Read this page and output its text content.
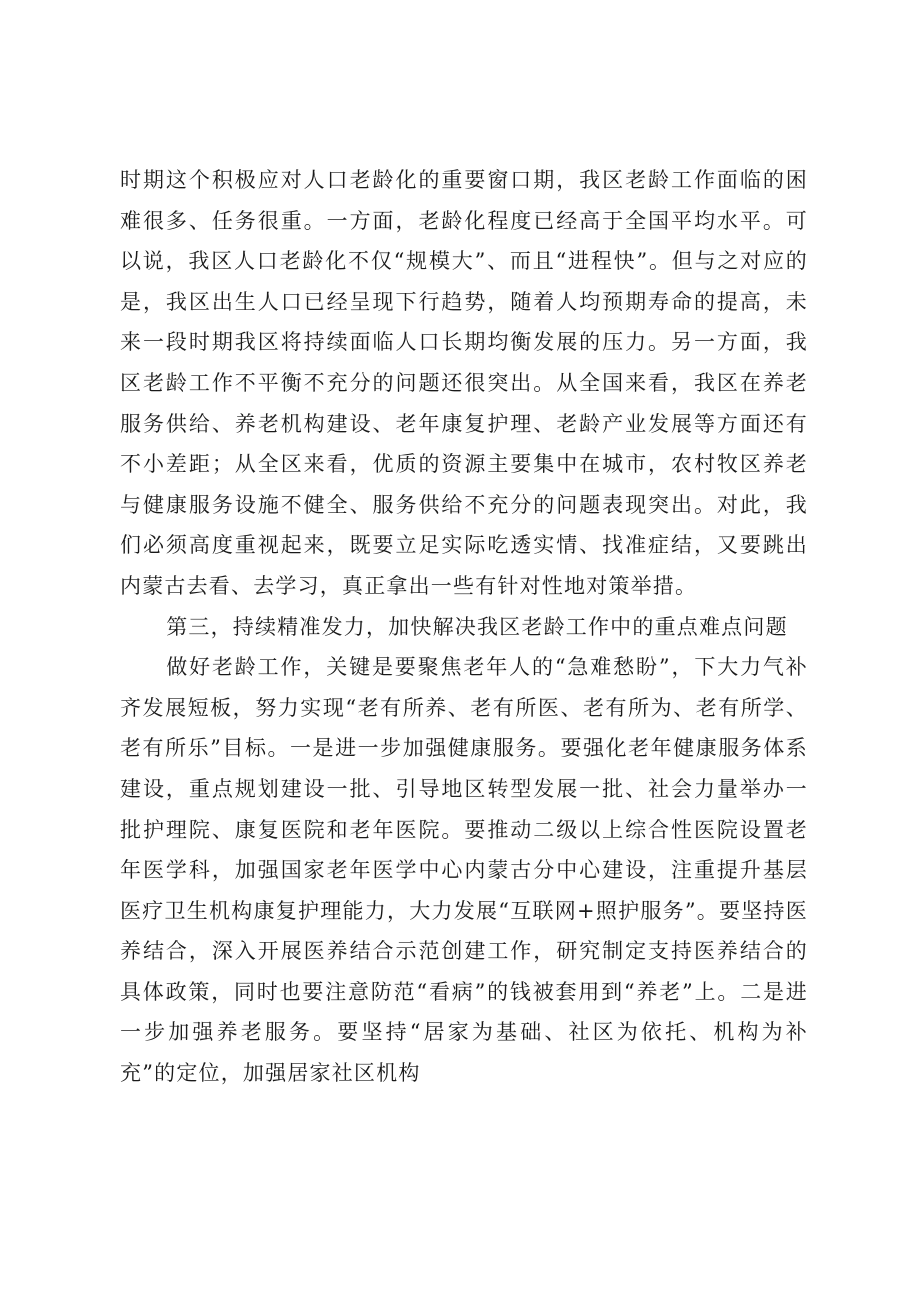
时期这个积极应对人口老龄化的重要窗口期，我区老龄工作面临的困难很多、任务很重。一方面，老龄化程度已经高于全国平均水平。可以说，我区人口老龄化不仅“规模大”、而且“进程快”。但与之对应的是，我区出生人口已经呈现下行趋势，随着人均预期寿命的提高，未来一段时期我区将持续面临人口长期均衡发展的压力。另一方面，我区老龄工作不平衡不充分的问题还很突出。从全国来看，我区在养老服务供给、养老机构建设、老年康复护理、老龄产业发展等方面还有不小差距；从全区来看，优质的资源主要集中在城市，农村牧区养老与健康服务设施不健全、服务供给不充分的问题表现突出。对此，我们必须高度重视起来，既要立足实际吃透实情、找准症结，又要跳出内蒙古去看、去学习，真正拿出一些有针对性地对策举措。

第三，持续精准发力，加快解决我区老龄工作中的重点难点问题

做好老龄工作，关键是要聚焦老年人的“急难愁盼”，下大力气补齐发展短板，努力实现“老有所养、老有所医、老有所为、老有所学、老有所乐”目标。一是进一步加强健康服务。要强化老年健康服务体系建设，重点规划建设一批、引导地区转型发展一批、社会力量举办一批护理院、康复医院和老年医院。要推动二级以上综合性医院设置老年医学科，加强国家老年医学中心内蒙古分中心建设，注重提升基层医疗卫生机构康复护理能力，大力发展“互联网+照护服务”。要坚持医养结合，深入开展医养结合示范创建工作，研究制定支持医养结合的具体政策，同时也要注意防范“看病”的钱被套用到“养老”上。二是进一步加强养老服务。要坚持“居家为基础、社区为依托、机构为补充”的定位，加强居家社区机构
